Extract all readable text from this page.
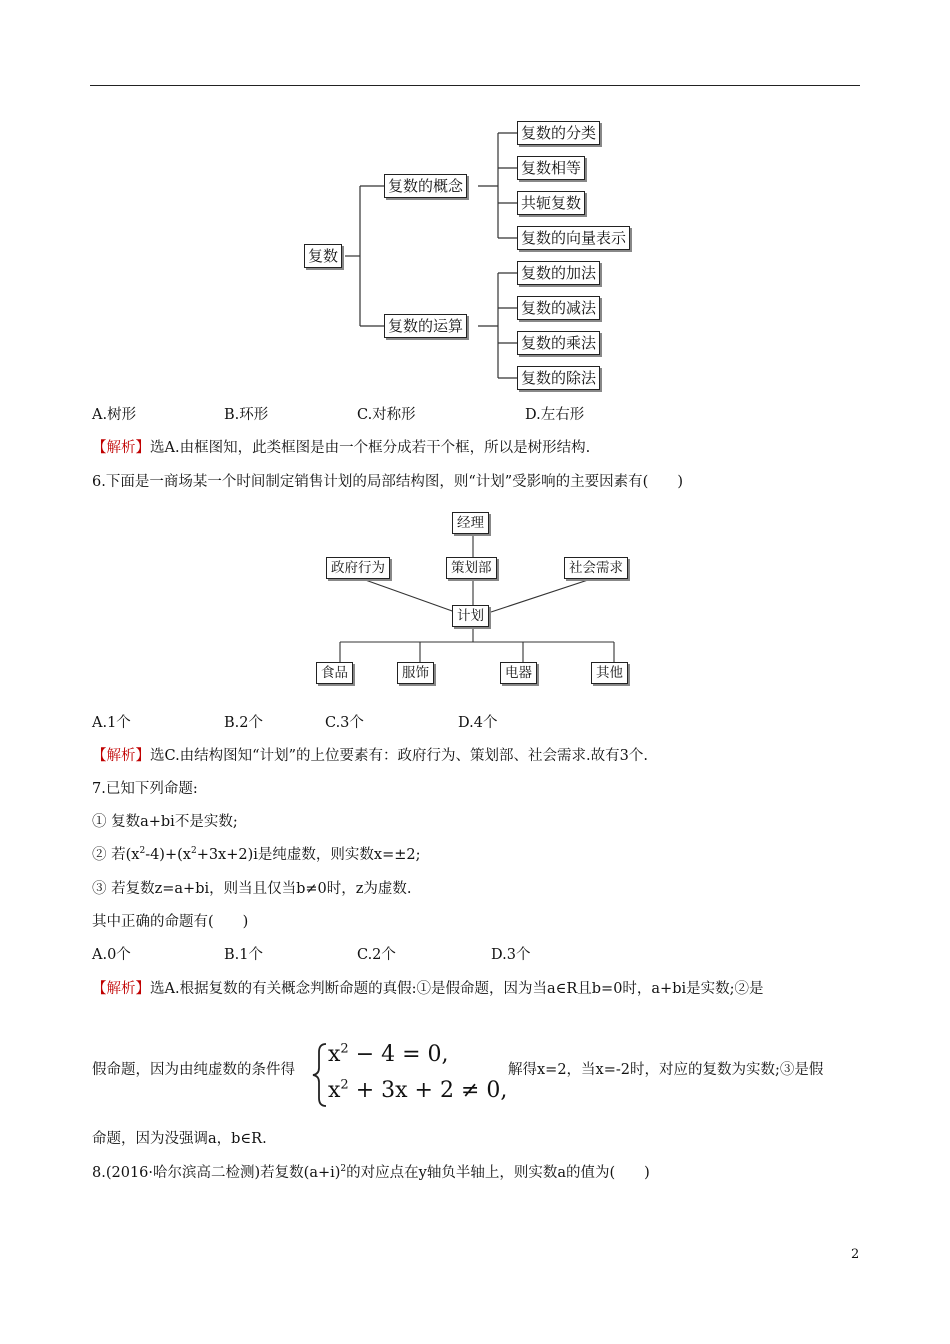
复数
复数的概念
复数的运算
复数的分类
复数相等
共轭复数
复数的向量表示
复数的加法
复数的减法
复数的乘法
复数的除法
A.树形	B.环形	C.对称形	D.左右形
【解析】选A.由框图知，此类框图是由一个框分成若干个框，所以是树形结构.
6.下面是一商场某一个时间制定销售计划的局部结构图，则“计划”受影响的主要因素有(　　)
经理
政府行为	策划部	社会需求
计划
食品	服饰	电器	其他
A.1个	B.2个	C.3个	D.4个
【解析】选C.由结构图知“计划”的上位要素有：政府行为、策划部、社会需求.故有3个.
7.已知下列命题:
① 复数a+bi不是实数;
② 若$(x^2-4)+(x^2+3x+2)i$是纯虚数，则实数x=±2;
③ 若复数z=a+bi，则当且仅当b≠0时，z为虚数.
其中正确的命题有(　　)
A.0个	B.1个	C.2个	D.3个
【解析】选A.根据复数的有关概念判断命题的真假:①是假命题，因为当a∈R且b=0时，a+bi是实数;②是
假命题，因为由纯虚数的条件得
$x^2 - 4 = 0$,
$x^2 + 3x + 2 \ne 0$,
解得x=2，当x=-2时，对应的复数为实数;③是假
命题，因为没强调a，b∈R.
8.(2016·哈尔滨高二检测)若复数$(a+i)^2$的对应点在y轴负半轴上，则实数a的值为(　　)
2
